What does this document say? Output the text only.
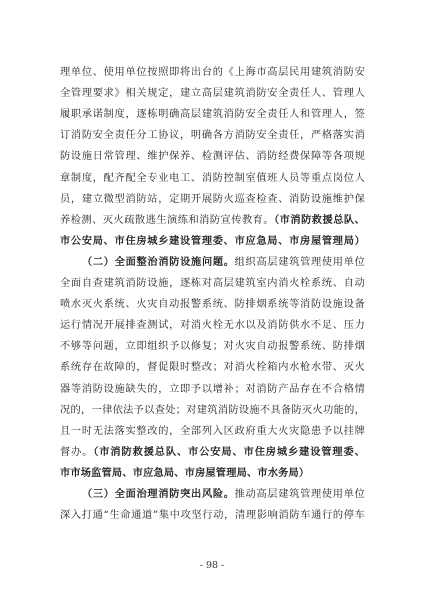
理单位、使用单位按照即将出台的《上海市高层民用建筑消防安
全管理要求》相关规定，建立高层建筑消防安全责任人、管理人
履职承诺制度，逐栋明确高层建筑消防安全责任人和管理人，签
订消防安全责任分工协议，明确各方消防安全责任，严格落实消
防设施日常管理、维护保养、检测评估、消防经费保障等各项规
章制度，配齐配全专业电工、消防控制室值班人员等重点岗位人
员，建立微型消防站，定期开展防火巡查检查、消防设施维护保
养检测、灭火疏散逃生演练和消防宣传教育。（市消防救援总队、
市公安局、市住房城乡建设管理委、市应急局、市房屋管理局）
（二）全面整治消防设施问题。组织高层建筑管理使用单位
全面自查建筑消防设施，逐栋对高层建筑室内消火栓系统、自动
喷水灭火系统、火灾自动报警系统、防排烟系统等消防设施设备
运行情况开展排查测试，对消火栓无水以及消防供水不足、压力
不够等问题，立即组织予以修复；对火灾自动报警系统、防排烟
系统存在故障的，督促限时整改；对消火栓箱内水枪水带、灭火
器等消防设施缺失的，立即予以增补；对消防产品存在不合格情
况的，一律依法予以查处；对建筑消防设施不具备防灭火功能的，
且一时无法落实整改的，全部列入区政府重大火灾隐患予以挂牌
督办。（市消防救援总队、市公安局、市住房城乡建设管理委、
市市场监管局、市应急局、市房屋管理局、市水务局）
（三）全面治理消防突出风险。推动高层建筑管理使用单位
深入打通“生命通道”集中攻坚行动，清理影响消防车通行的停车
- 98 -
